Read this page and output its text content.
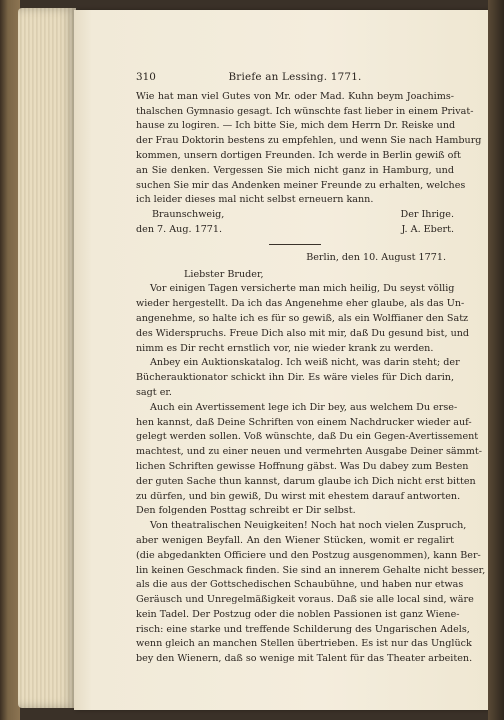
310	Briefe an Lessing. 1771.
Wie hat man viel Gutes von Mr. oder Mad. Kuhn beym Joachims-
thalschen Gymnasio gesagt. Ich wünschte fast lieber in einem Privat-
hause zu logiren. — Ich bitte Sie, mich dem Herrn Dr. Reiske und
der Frau Doktorin bestens zu empfehlen, und wenn Sie nach Hamburg
kommen, unsern dortigen Freunden. Ich werde in Berlin gewiß oft
an Sie denken. Vergessen Sie mich nicht ganz in Hamburg, und
suchen Sie mir das Andenken meiner Freunde zu erhalten, welches
ich leider dieses mal nicht selbst erneuern kann.
Braunschweig,	Der Ihrige.
den 7. Aug. 1771.	J. A. Ebert.
Berlin, den 10. August 1771.
Liebster Bruder,
Vor einigen Tagen versicherte man mich heilig, Du seyst völlig
wieder hergestellt. Da ich das Angenehme eher glaube, als das Un-
angenehme, so halte ich es für so gewiß, als ein Wolffianer den Satz
des Widerspruchs. Freue Dich also mit mir, daß Du gesund bist, und
nimm es Dir recht ernstlich vor, nie wieder krank zu werden.
Anbey ein Auktionskatalog. Ich weiß nicht, was darin steht; der
Bücherauktionator schickt ihn Dir. Es wäre vieles für Dich darin,
sagt er.
Auch ein Avertissement lege ich Dir bey, aus welchem Du erse-
hen kannst, daß Deine Schriften von einem Nachdrucker wieder auf-
gelegt werden sollen. Voß wünschte, daß Du ein Gegen-Avertissement
machtest, und zu einer neuen und vermehrten Ausgabe Deiner sämmt-
lichen Schriften gewisse Hoffnung gäbst. Was Du dabey zum Besten
der guten Sache thun kannst, darum glaube ich Dich nicht erst bitten
zu dürfen, und bin gewiß, Du wirst mit ehestem darauf antworten.
Den folgenden Posttag schreibt er Dir selbst.
Von theatralischen Neuigkeiten! Noch hat noch vielen Zuspruch,
aber wenigen Beyfall. An den Wiener Stücken, womit er regalirt
(die abgedankten Officiere und den Postzug ausgenommen), kann Ber-
lin keinen Geschmack finden. Sie sind an innerem Gehalte nicht besser,
als die aus der Gottschedischen Schaubühne, und haben nur etwas
Geräusch und Unregelmäßigkeit voraus. Daß sie alle local sind, wäre
kein Tadel. Der Postzug oder die noblen Passionen ist ganz Wiene-
risch: eine starke und treffende Schilderung des Ungarischen Adels,
wenn gleich an manchen Stellen übertrieben. Es ist nur das Unglück
bey den Wienern, daß so wenige mit Talent für das Theater arbeiten.
